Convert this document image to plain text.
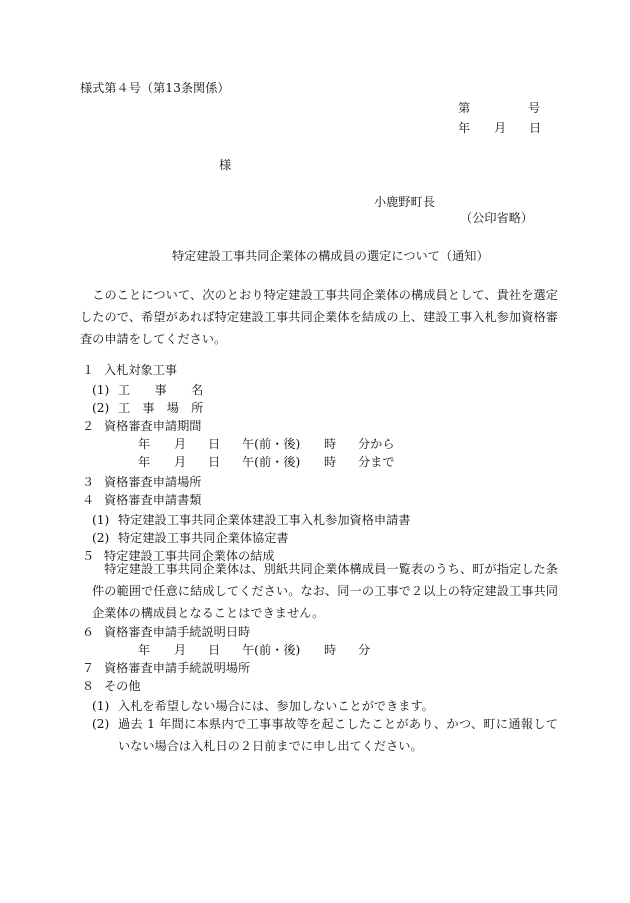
様式第４号（第13条関係）
第	号
年 月 日
様
小鹿野町長
（公印省略）
特定建設工事共同企業体の構成員の選定について（通知）
このことについて、次のとおり特定建設工事共同企業体の構成員として、貴社を選定したので、希望があれば特定建設工事共同企業体を結成の上、建設工事入札参加資格審査の申請をしてください。
１ 入札対象工事
(1) 工　　事　　名
(2) 工　事　場　所
２ 資格審査申請期間
年 月 日 午(前・後) 時 分から
年 月 日 午(前・後) 時 分まで
３ 資格審査申請場所
４ 資格審査申請書類
(1) 特定建設工事共同企業体建設工事入札参加資格申請書
(2) 特定建設工事共同企業体協定書
５ 特定建設工事共同企業体の結成
特定建設工事共同企業体は、別紙共同企業体構成員一覧表のうち、町が指定した条件の範囲で任意に結成してください。なお、同一の工事で２以上の特定建設工事共同企業体の構成員となることはできません。
６ 資格審査申請手続説明日時
年 月 日 午(前・後) 時 分
７ 資格審査申請手続説明場所
８ その他
(1) 入札を希望しない場合には、参加しないことができます。
(2) 過去 1 年間に本県内で工事事故等を起こしたことがあり、かつ、町に通報していない場合は入札日の２日前までに申し出てください。
